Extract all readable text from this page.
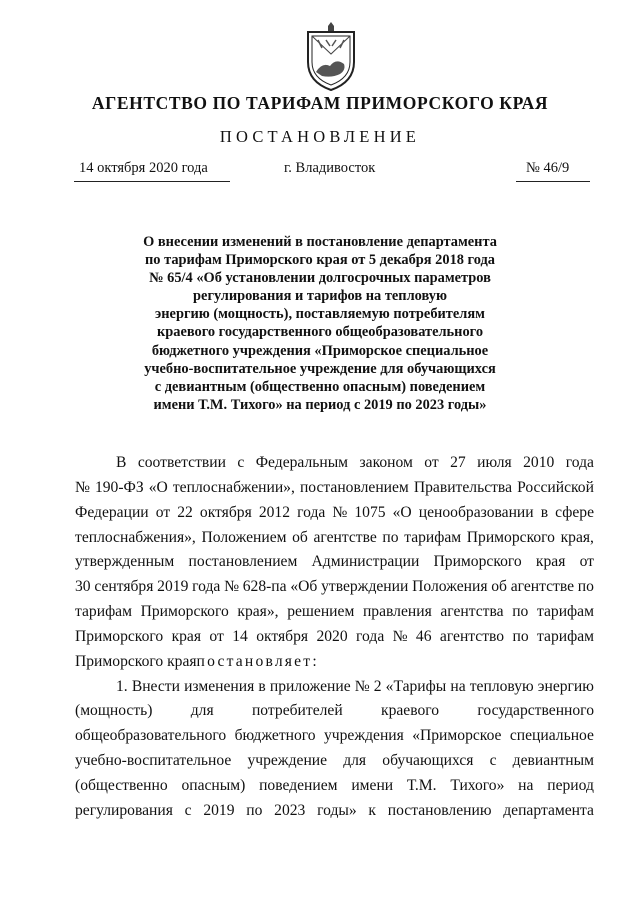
АГЕНТСТВО ПО ТАРИФАМ ПРИМОРСКОГО КРАЯ
ПОСТАНОВЛЕНИЕ
14 октября 2020 года	г. Владивосток	№ 46/9
О внесении изменений в постановление департамента
по тарифам Приморского края от 5 декабря 2018 года
№ 65/4 «Об установлении долгосрочных параметров
регулирования и тарифов на тепловую
энергию (мощность), поставляемую потребителям
краевого государственного общеобразовательного
бюджетного учреждения «Приморское специальное
учебно-воспитательное учреждение для обучающихся
с девиантным (общественно опасным) поведением
имени Т.М. Тихого» на период с 2019 по 2023 годы»
В соответствии с Федеральным законом от 27 июля 2010 года
№ 190-ФЗ «О теплоснабжении», постановлением Правительства Российской
Федерации от 22 октября 2012 года № 1075 «О ценообразовании в сфере
теплоснабжения», Положением об агентстве по тарифам Приморского края,
утвержденным постановлением Администрации Приморского края от
30 сентября 2019 года № 628-па «Об утверждении Положения об агентстве по
тарифам Приморского края», решением правления агентства по тарифам
Приморского края от 14 октября 2020 года № 46 агентство по тарифам
Приморского края постановляет:
1. Внести изменения в приложение № 2 «Тарифы на тепловую энергию
(мощность) для потребителей краевого государственного
общеобразовательного бюджетного учреждения «Приморское специальное
учебно-воспитательное учреждение для обучающихся с девиантным
(общественно опасным) поведением имени Т.М. Тихого» на период
регулирования с 2019 по 2023 годы» к постановлению департамента
